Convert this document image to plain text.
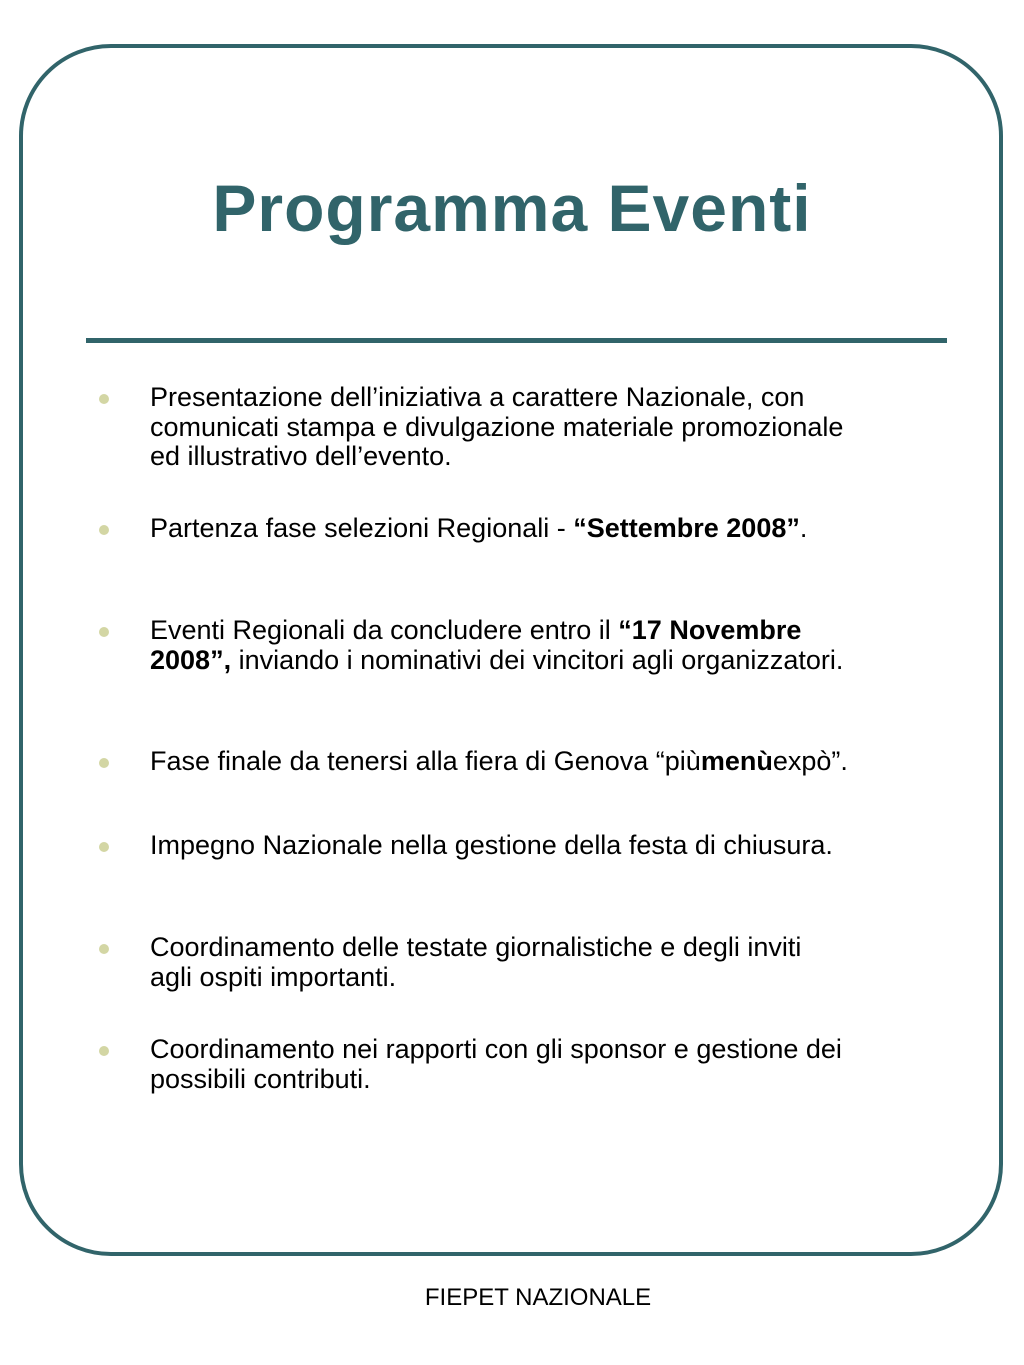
Programma Eventi
Presentazione dell’iniziativa a carattere Nazionale, con comunicati stampa e divulgazione materiale promozionale ed illustrativo dell’evento.
Partenza fase selezioni Regionali - “Settembre 2008”.
Eventi Regionali da concludere entro il “17 Novembre 2008”, inviando i nominativi dei vincitori agli organizzatori.
Fase finale da tenersi alla fiera di Genova “piùmenùexpò”.
Impegno Nazionale nella gestione della festa di chiusura.
Coordinamento delle testate giornalistiche e degli inviti agli ospiti importanti.
Coordinamento nei rapporti con gli sponsor e gestione dei possibili contributi.
FIEPET NAZIONALE
